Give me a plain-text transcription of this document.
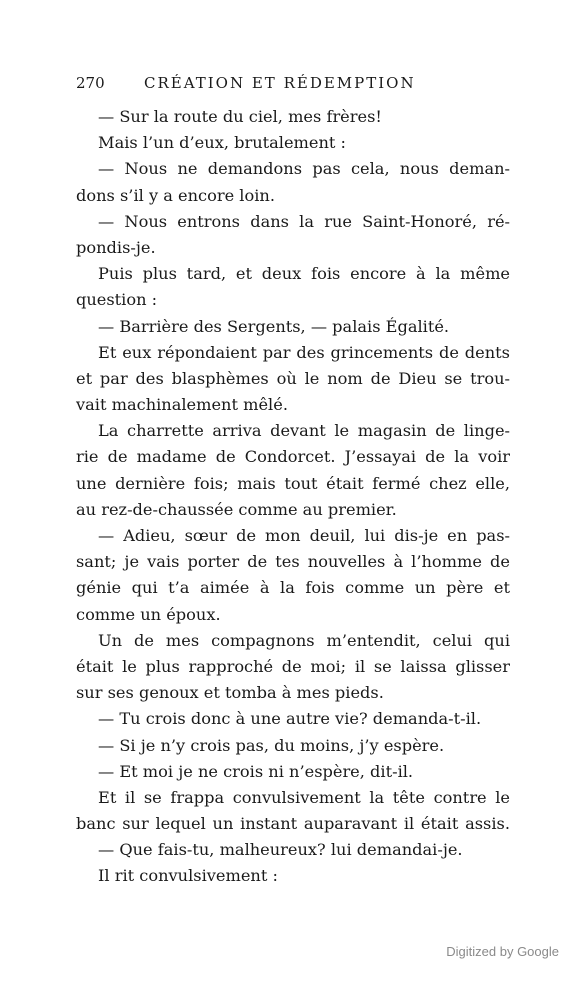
270	CRÉATION ET RÉDEMPTION
— Sur la route du ciel, mes frères!
Mais l’un d’eux, brutalement :
— Nous ne demandons pas cela, nous deman-
dons s’il y a encore loin.
— Nous entrons dans la rue Saint-Honoré, ré-
pondis-je.
Puis plus tard, et deux fois encore à la même
question :
— Barrière des Sergents, — palais Égalité.
Et eux répondaient par des grincements de dents
et par des blasphèmes où le nom de Dieu se trou-
vait machinalement mêlé.
La charrette arriva devant le magasin de linge-
rie de madame de Condorcet. J’essayai de la voir
une dernière fois; mais tout était fermé chez elle,
au rez-de-chaussée comme au premier.
— Adieu, sœur de mon deuil, lui dis-je en pas-
sant; je vais porter de tes nouvelles à l’homme de
génie qui t’a aimée à la fois comme un père et
comme un époux.
Un de mes compagnons m’entendit, celui qui
était le plus rapproché de moi; il se laissa glisser
sur ses genoux et tomba à mes pieds.
— Tu crois donc à une autre vie? demanda-t-il.
— Si je n’y crois pas, du moins, j’y espère.
— Et moi je ne crois ni n’espère, dit-il.
Et il se frappa convulsivement la tête contre le
banc sur lequel un instant auparavant il était assis.
— Que fais-tu, malheureux? lui demandai-je.
Il rit convulsivement :
Digitized by Google
